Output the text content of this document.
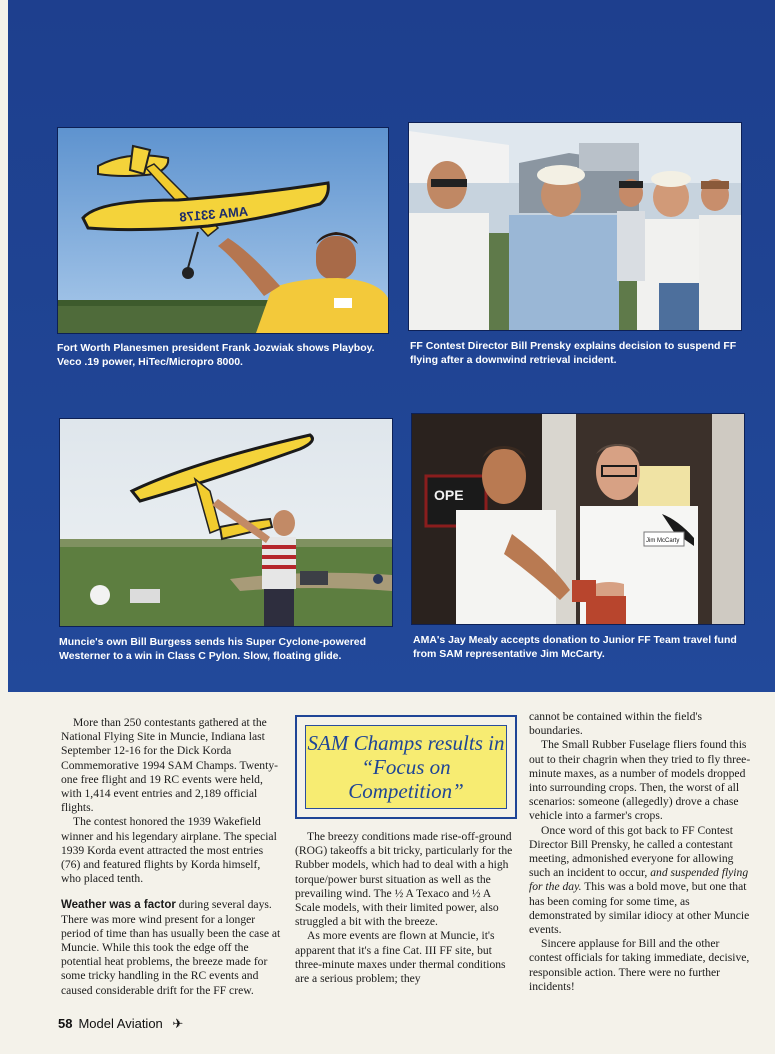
AMA 33178
Fort Worth Planesmen president Frank Jozwiak shows Playboy. Veco .19 power, HiTec/Micropro 8000.
FF Contest Director Bill Prensky explains decision to suspend FF flying after a downwind retrieval incident.
Muncie's own Bill Burgess sends his Super Cyclone-powered Westerner to a win in Class C Pylon. Slow, floating glide.
OPE
Jim McCarty
AMA's Jay Mealy accepts donation to Junior FF Team travel fund from SAM representative Jim McCarty.
SAM Champs results in “Focus on Competition”

More than 250 contestants gathered at the National Flying Site in Muncie, Indiana last September 12-16 for the Dick Korda Commemorative 1994 SAM Champs. Twenty-one free flight and 19 RC events were held, with 1,414 event entries and 2,189 official flights.

The contest honored the 1939 Wakefield winner and his legendary airplane. The special 1939 Korda event attracted the most entries (76) and featured flights by Korda himself, who placed tenth.

Weather was a factor during several days. There was more wind present for a longer period of time than has usually been the case at Muncie. While this took the edge off the potential heat problems, the breeze made for some tricky handling in the RC events and caused considerable drift for the FF crew.

The breezy conditions made rise-off-ground (ROG) takeoffs a bit tricky, particularly for the Rubber models, which had to deal with a high torque/power burst situation as well as the prevailing wind. The ½ A Texaco and ½ A Scale models, with their limited power, also struggled a bit with the breeze.

As more events are flown at Muncie, it's apparent that it's a fine Cat. III FF site, but three-minute maxes under thermal conditions are a serious problem; they

cannot be contained within the field's boundaries.

The Small Rubber Fuselage fliers found this out to their chagrin when they tried to fly three-minute maxes, as a number of models dropped into surrounding crops. Then, the worst of all scenarios: someone (allegedly) drove a chase vehicle into a farmer's crops.

Once word of this got back to FF Contest Director Bill Prensky, he called a contestant meeting, admonished everyone for allowing such an incident to occur, and suspended flying for the day. This was a bold move, but one that has been coming for some time, as demonstrated by similar idiocy at other Muncie events.

Sincere applause for Bill and the other contest officials for taking immediate, decisive, responsible action. There were no further incidents!

58 Model Aviation ✈
